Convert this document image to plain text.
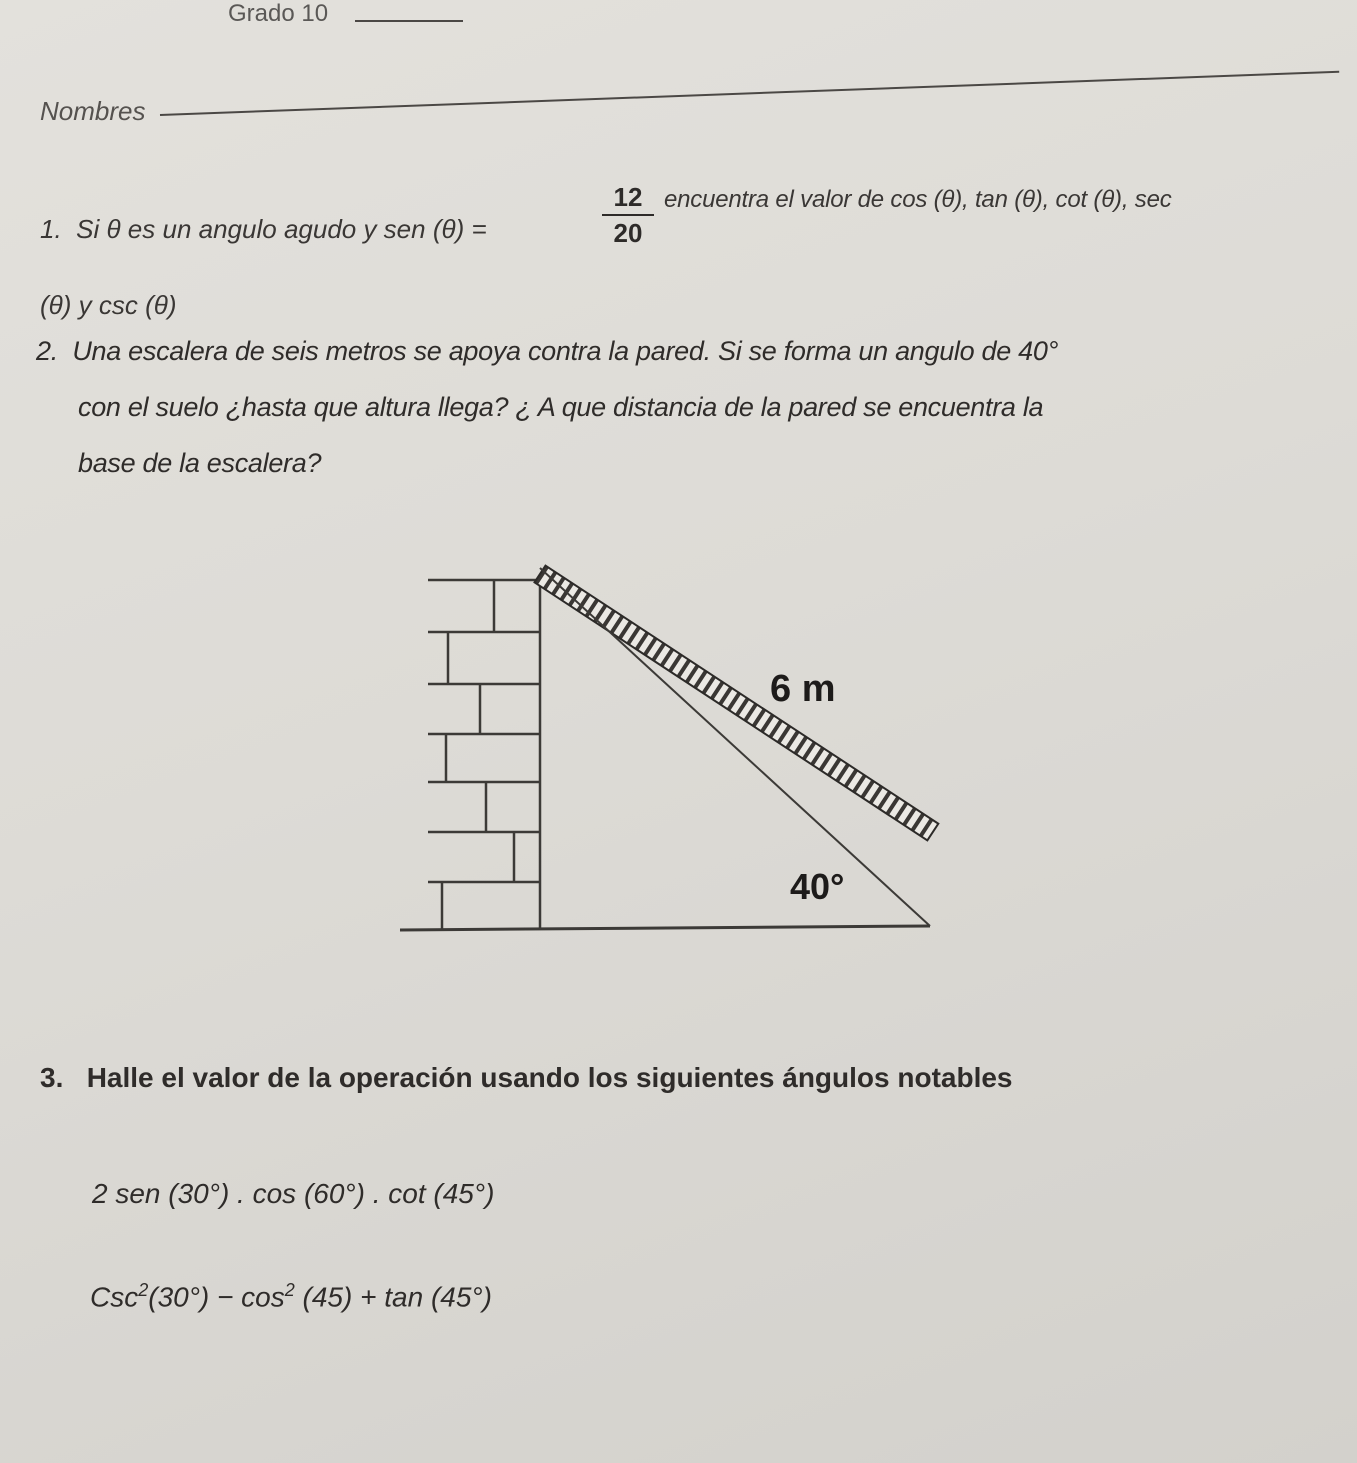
Grado 10
Nombres
1. Si θ es un angulo agudo y sen (θ) =
12
20
encuentra el valor de cos (θ), tan (θ), cot (θ), sec
(θ) y csc (θ)
2. Una escalera de seis metros se apoya contra la pared. Si se forma un angulo de 40°
con el suelo ¿hasta que altura llega? ¿ A que distancia de la pared se encuentra la
base de la escalera?
6 m
40°
3. Halle el valor de la operación usando los siguientes ángulos notables
2 sen (30°) . cos (60°) . cot (45°)
$Csc^2(30^\circ) - \cos^2 (45) + \tan (45^\circ)$
